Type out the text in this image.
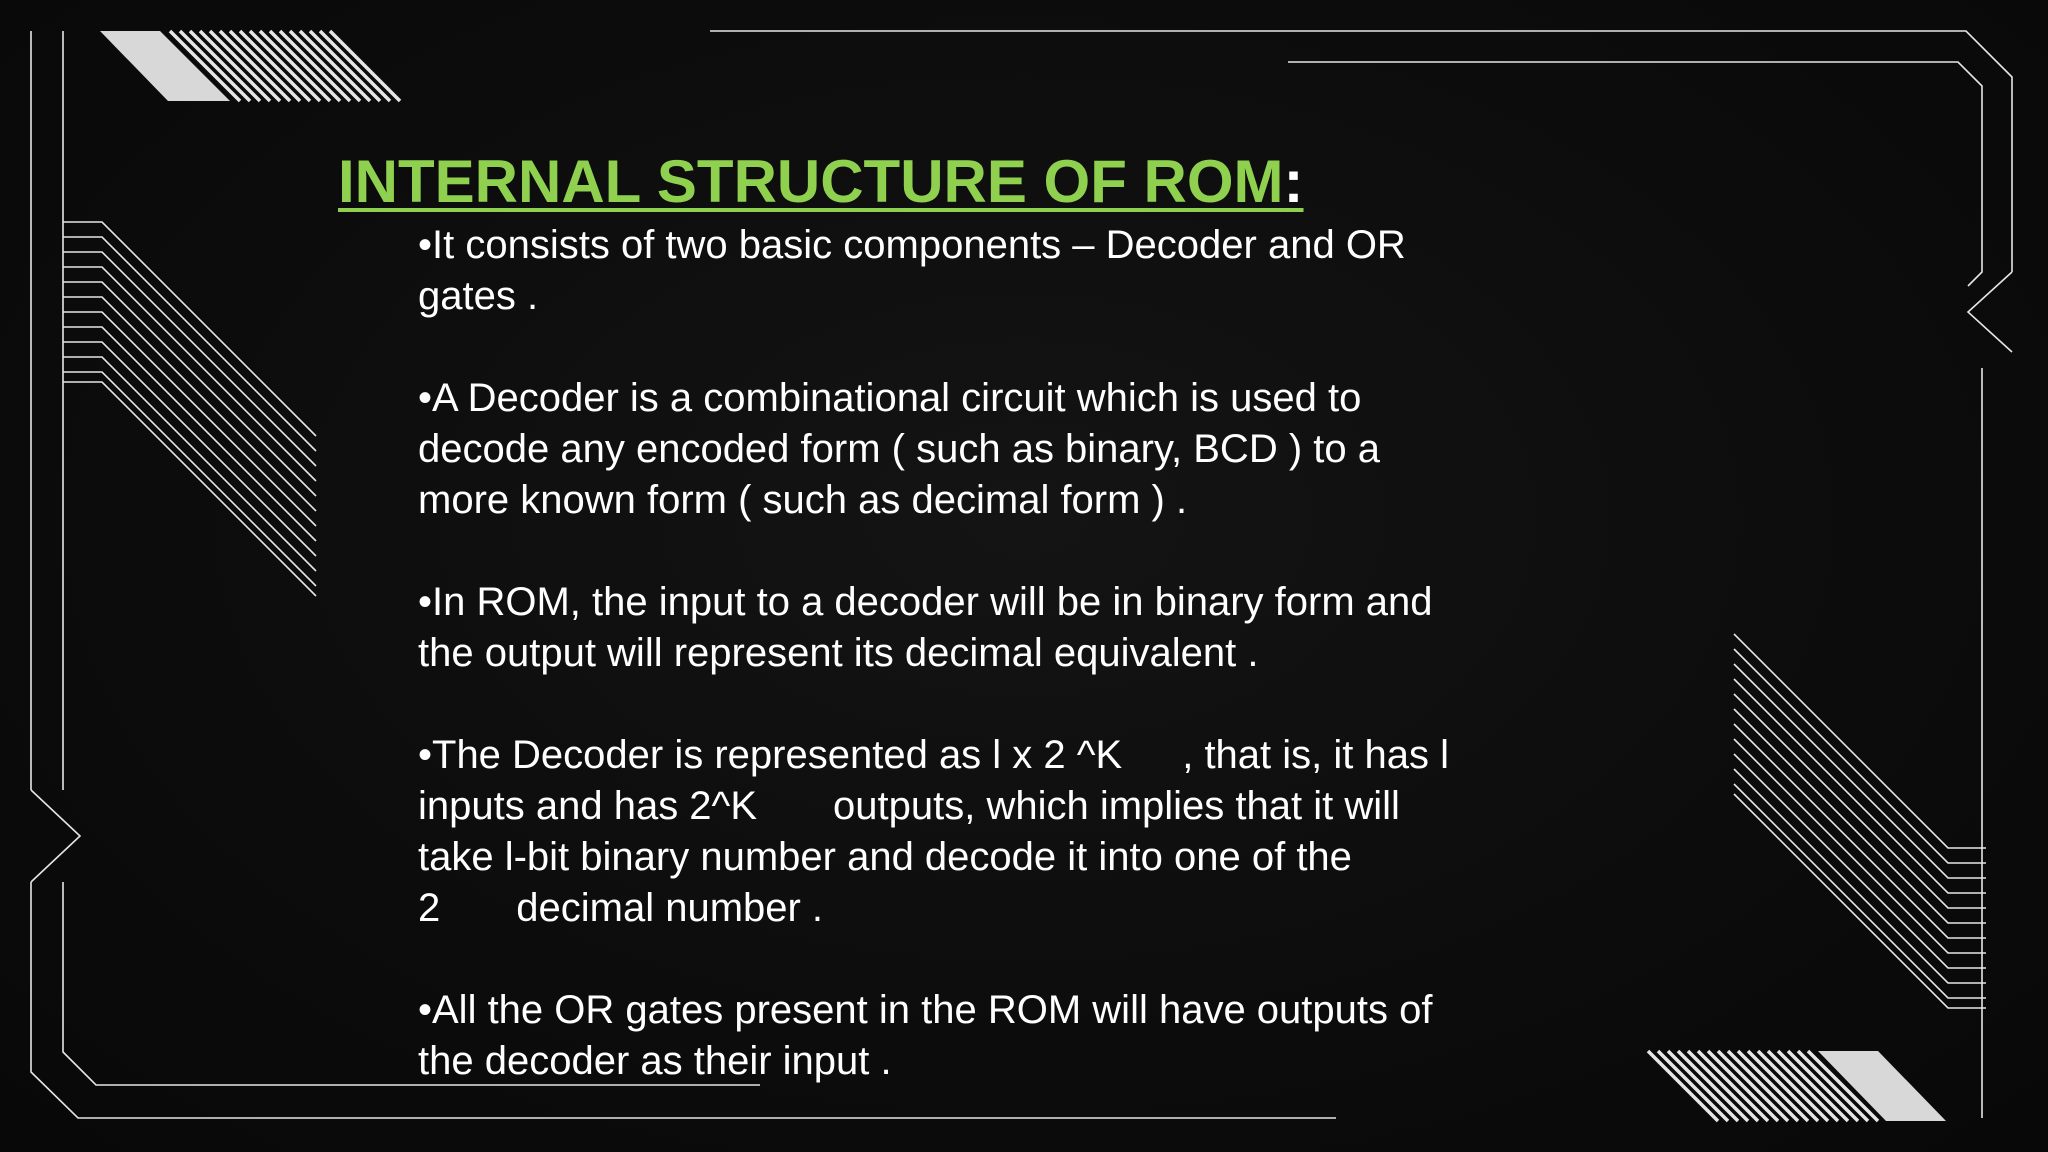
INTERNAL STRUCTURE OF ROM:

•It consists of two basic components – Decoder and OR
gates .

•A Decoder is a combinational circuit which is used to
decode any encoded form ( such as binary, BCD ) to a
more known form ( such as decimal form ) .

•In ROM, the input to a decoder will be in binary form and
the output will represent its decimal equivalent .

•The Decoder is represented as l x 2 ^K , that is, it has l
inputs and has 2^K outputs, which implies that it will
take l-bit binary number and decode it into one of the
2 decimal number .

•All the OR gates present in the ROM will have outputs of
the decoder as their input .
